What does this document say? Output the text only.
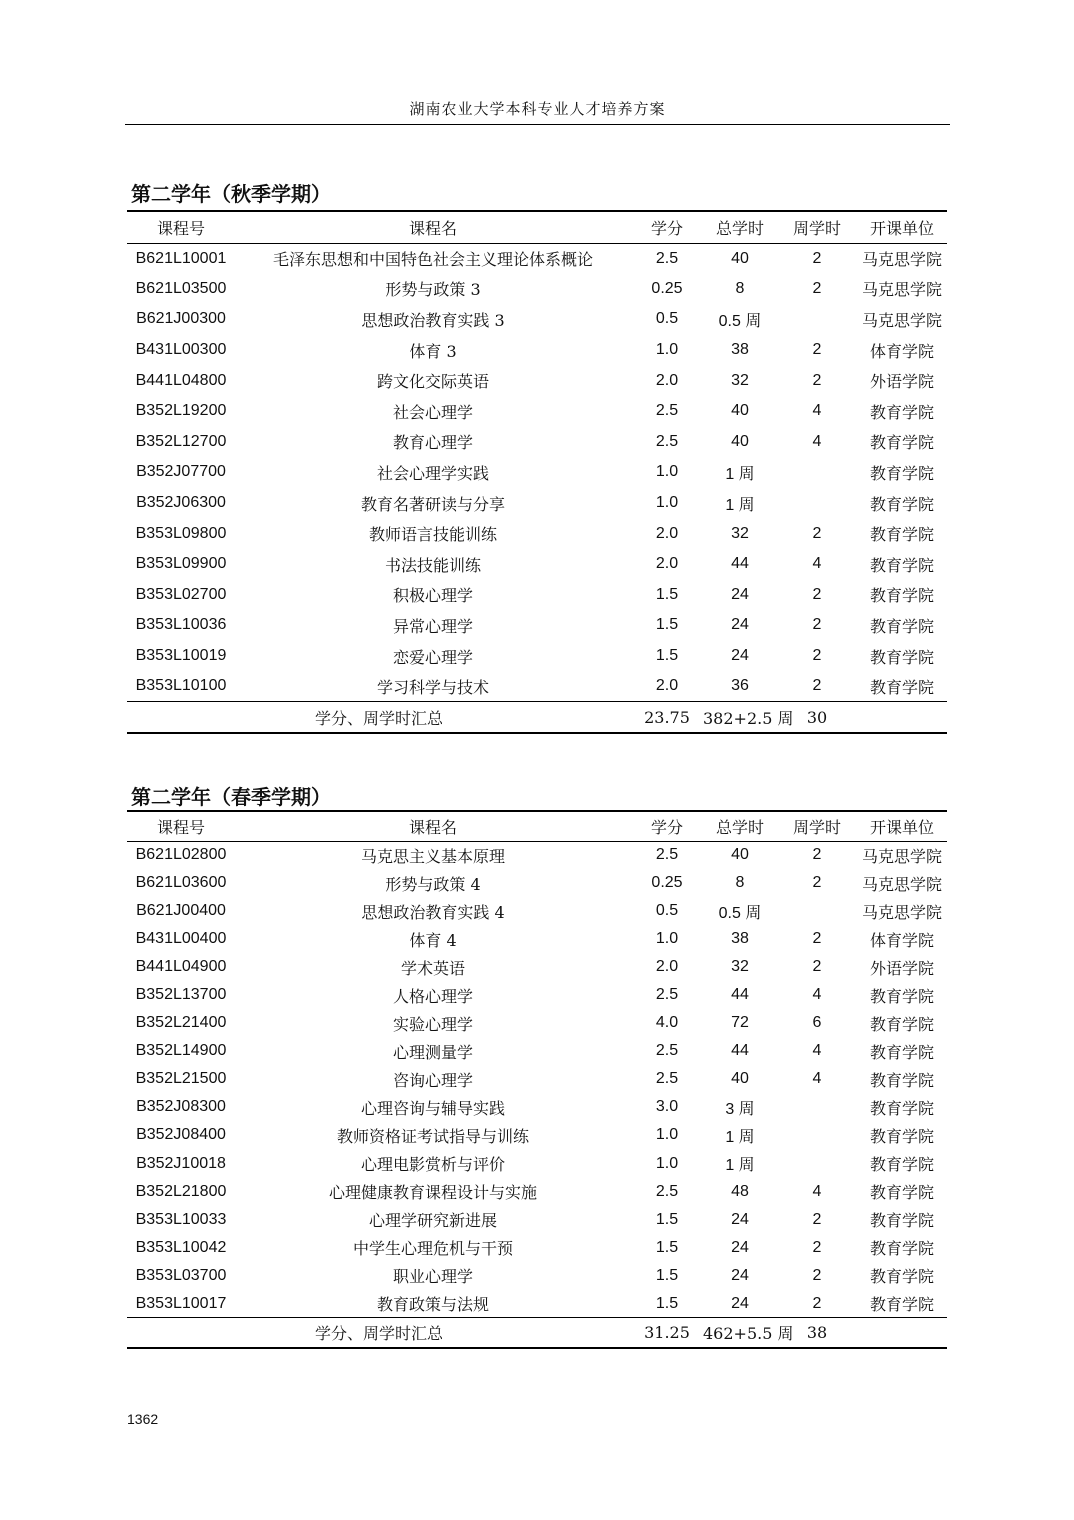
湖南农业大学本科专业人才培养方案
第二学年（秋季学期）
课程号	课程名	学分	总学时	周学时	开课单位
B621L10001	毛泽东思想和中国特色社会主义理论体系概论	2.5	40	2	马克思学院
B621L03500	形势与政策 3	0.25	8	2	马克思学院
B621J00300	思想政治教育实践 3	0.5	0.5 周		马克思学院
B431L00300	体育 3	1.0	38	2	体育学院
B441L04800	跨文化交际英语	2.0	32	2	外语学院
B352L19200	社会心理学	2.5	40	4	教育学院
B352L12700	教育心理学	2.5	40	4	教育学院
B352J07700	社会心理学实践	1.0	1 周		教育学院
B352J06300	教育名著研读与分享	1.0	1 周		教育学院
B353L09800	教师语言技能训练	2.0	32	2	教育学院
B353L09900	书法技能训练	2.0	44	4	教育学院
B353L02700	积极心理学	1.5	24	2	教育学院
B353L10036	异常心理学	1.5	24	2	教育学院
B353L10019	恋爱心理学	1.5	24	2	教育学院
B353L10100	学习科学与技术	2.0	36	2	教育学院
学分、周学时汇总		23.75	382+2.5 周	30	
第二学年（春季学期）
课程号	课程名	学分	总学时	周学时	开课单位
B621L02800	马克思主义基本原理	2.5	40	2	马克思学院
B621L03600	形势与政策 4	0.25	8	2	马克思学院
B621J00400	思想政治教育实践 4	0.5	0.5 周		马克思学院
B431L00400	体育 4	1.0	38	2	体育学院
B441L04900	学术英语	2.0	32	2	外语学院
B352L13700	人格心理学	2.5	44	4	教育学院
B352L21400	实验心理学	4.0	72	6	教育学院
B352L14900	心理测量学	2.5	44	4	教育学院
B352L21500	咨询心理学	2.5	40	4	教育学院
B352J08300	心理咨询与辅导实践	3.0	3 周		教育学院
B352J08400	教师资格证考试指导与训练	1.0	1 周		教育学院
B352J10018	心理电影赏析与评价	1.0	1 周		教育学院
B352L21800	心理健康教育课程设计与实施	2.5	48	4	教育学院
B353L10033	心理学研究新进展	1.5	24	2	教育学院
B353L10042	中学生心理危机与干预	1.5	24	2	教育学院
B353L03700	职业心理学	1.5	24	2	教育学院
B353L10017	教育政策与法规	1.5	24	2	教育学院
学分、周学时汇总		31.25	462+5.5 周	38	
1362
